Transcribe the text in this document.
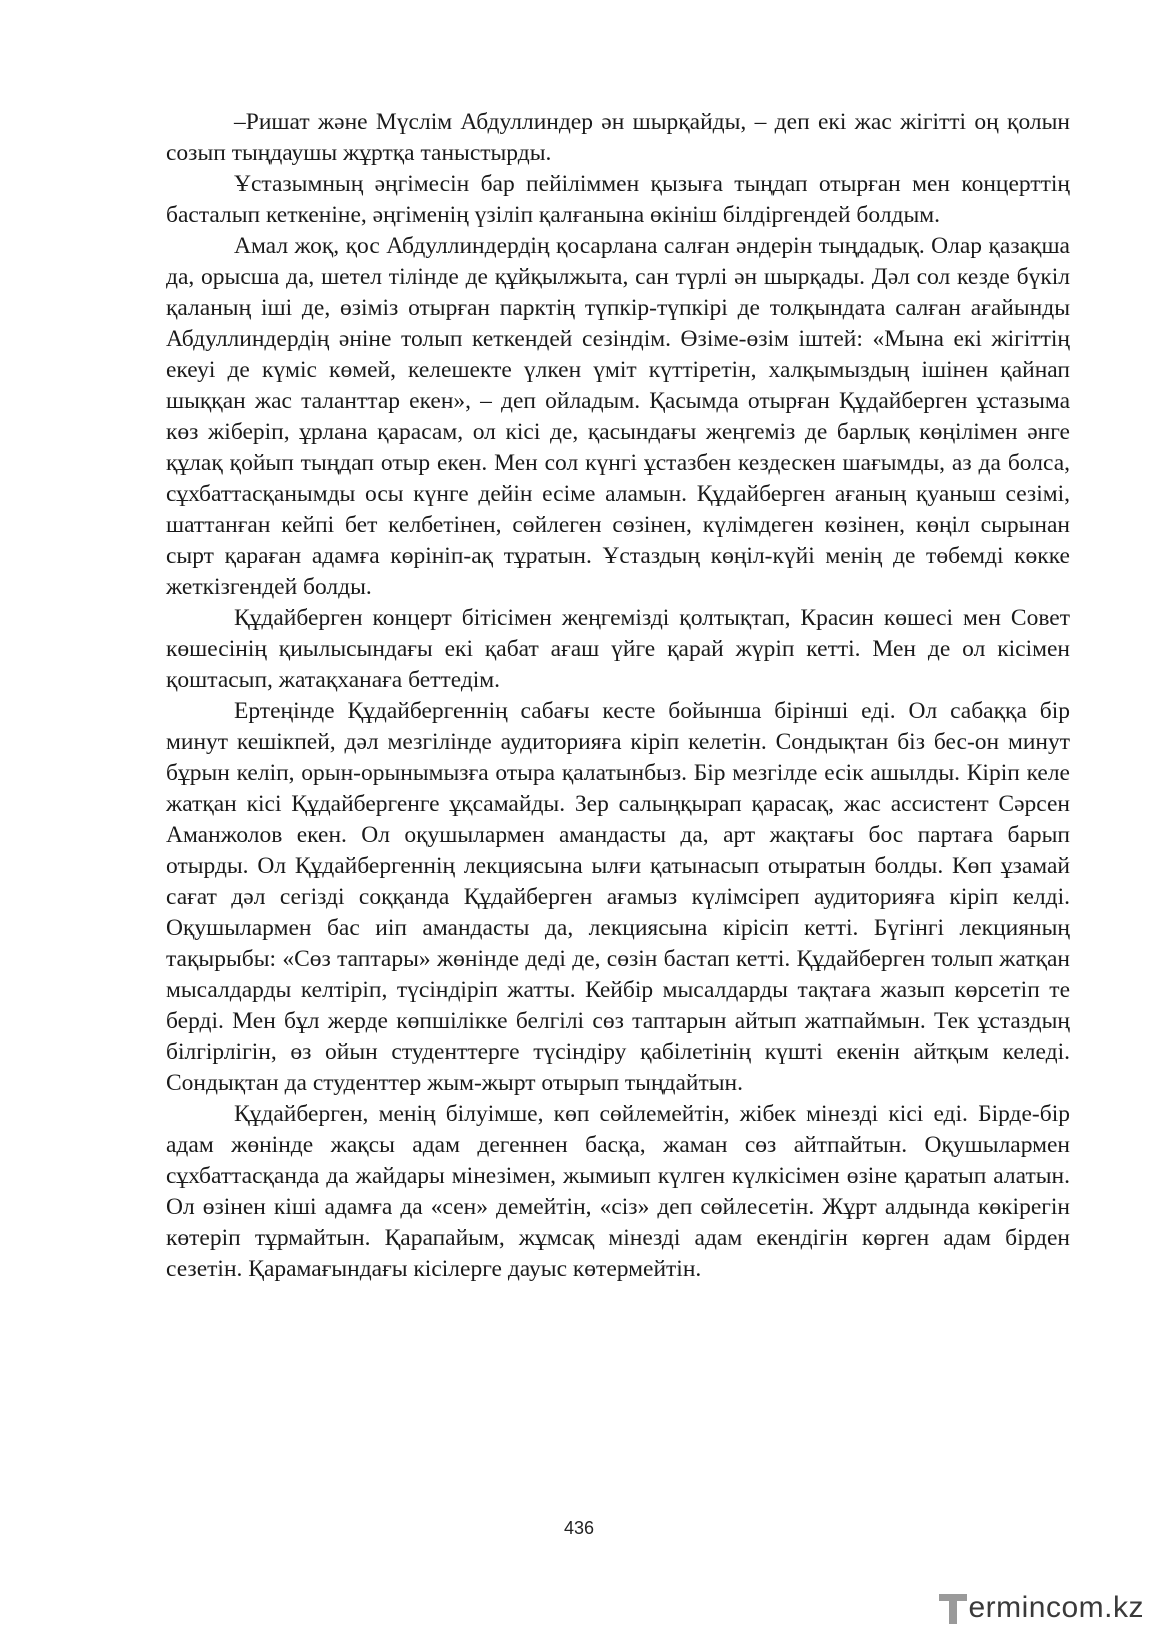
–Ришат және Мүслім Абдуллиндер ән шырқайды, – деп екі жас жігітті оң қолын созып тыңдаушы жұртқа таныстырды.

Ұстазымның әңгімесін бар пейіліммен қызыға тыңдап отырған мен концерттің басталып кеткеніне, әңгіменің үзіліп қалғанына өкініш білдіргендей болдым.

Амал жоқ, қос Абдуллиндердің қосарлана салған әндерін тыңдадық. Олар қазақша да, орысша да, шетел тілінде де құйқылжыта, сан түрлі ән шырқады. Дәл сол кезде бүкіл қаланың іші де, өзіміз отырған парктің түпкір-түпкірі де толқындата салған ағайынды Абдуллиндердің әніне толып кеткендей сезіндім. Өзіме-өзім іштей: «Мына екі жігіттің екеуі де күміс көмей, келешекте үлкен үміт күттіретін, халқымыздың ішінен қайнап шыққан жас таланттар екен», – деп ойладым. Қасымда отырған Құдайберген ұстазыма көз жіберіп, ұрлана қарасам, ол кісі де, қасындағы жеңгеміз де барлық көңілімен әнге құлақ қойып тыңдап отыр екен. Мен сол күнгі ұстазбен кездескен шағымды, аз да болса, сұхбаттасқанымды осы күнге дейін есіме аламын. Құдайберген ағаның қуаныш сезімі, шаттанған кейпі бет келбетінен, сөйлеген сөзінен, күлімдеген көзінен, көңіл сырынан сырт қараған адамға көрініп-ақ тұратын. Ұстаздың көңіл-күйі менің де төбемді көкке жеткізгендей болды.

Құдайберген концерт бітісімен жеңгемізді қолтықтап, Красин көшесі мен Совет көшесінің қиылысындағы екі қабат ағаш үйге қарай жүріп кетті. Мен де ол кісімен қоштасып, жатақханаға беттедім.

Ертеңінде Құдайбергеннің сабағы кесте бойынша бірінші еді. Ол сабаққа бір минут кешікпей, дәл мезгілінде аудиторияға кіріп келетін. Сондықтан біз бес-он минут бұрын келіп, орын-орынымызға отыра қалатынбыз. Бір мезгілде есік ашылды. Кіріп келе жатқан кісі Құдайбергенге ұқсамайды. Зер салыңқырап қарасақ, жас ассистент Сәрсен Аманжолов екен. Ол оқушылармен амандасты да, арт жақтағы бос партаға барып отырды. Ол Құдайбергеннің лекциясына ылғи қатынасып отыратын болды. Көп ұзамай сағат дәл сегізді соққанда Құдайберген ағамыз күлімсіреп аудиторияға кіріп келді. Оқушылармен бас иіп амандасты да, лекциясына кірісіп кетті. Бүгінгі лекцияның тақырыбы: «Сөз таптары» жөнінде деді де, сөзін бастап кетті. Құдайберген толып жатқан мысалдарды келтіріп, түсіндіріп жатты. Кейбір мысалдарды тақтаға жазып көрсетіп те берді. Мен бұл жерде көпшілікке белгілі сөз таптарын айтып жатпаймын. Тек ұстаздың білгірлігін, өз ойын студенттерге түсіндіру қабілетінің күшті екенін айтқым келеді. Сондықтан да студенттер жым-жырт отырып тыңдайтын.

Құдайберген, менің білуімше, көп сөйлемейтін, жібек мінезді кісі еді. Бірде-бір адам жөнінде жақсы адам дегеннен басқа, жаман сөз айтпайтын. Оқушылармен сұхбаттасқанда да жайдары мінезімен, жымиып күлген күлкісімен өзіне қаратып алатын. Ол өзінен кіші адамға да «сен» демейтін, «сіз» деп сөйлесетін. Жұрт алдында көкірегін көтеріп тұрмайтын. Қарапайым, жұмсақ мінезді адам екендігін көрген адам бірден сезетін. Қарамағындағы кісілерге дауыс көтермейтін.

436
ermincom.kz
